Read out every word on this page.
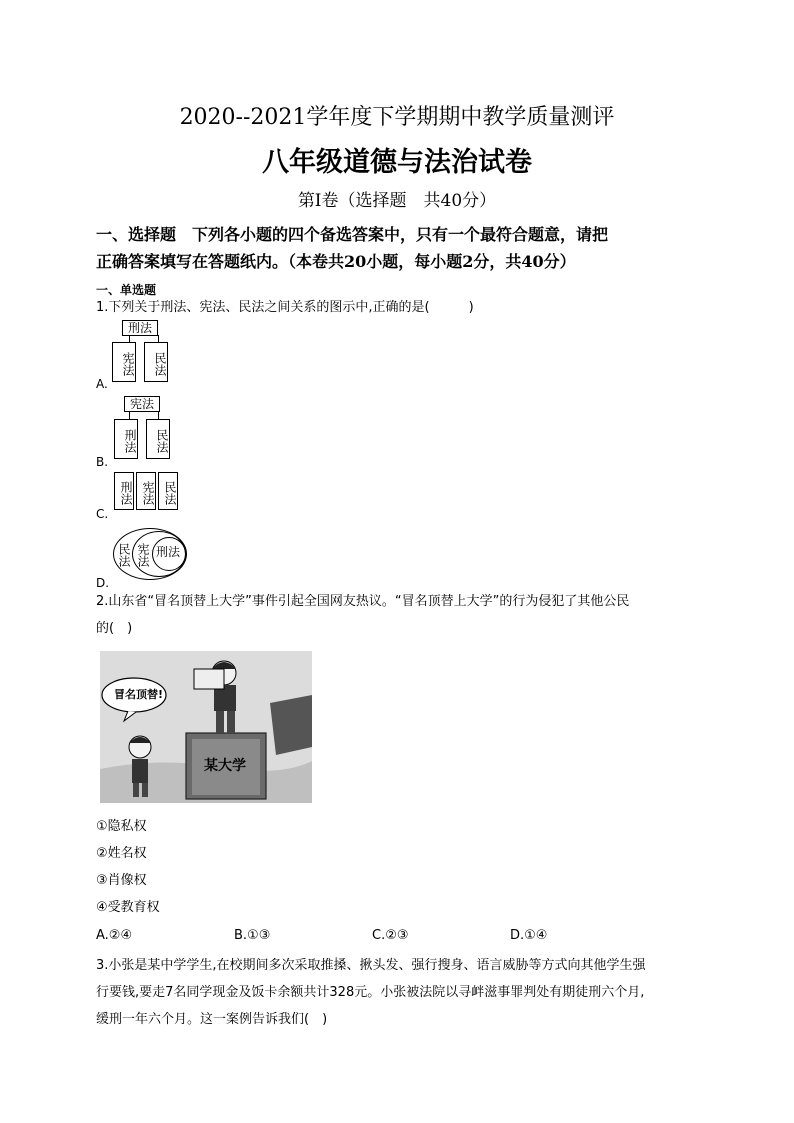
2020--2021学年度下学期期中教学质量测评
八年级道德与法治试卷
第Ⅰ卷（选择题　共40分）
一、选择题　下列各小题的四个备选答案中，只有一个最符合题意，请把
正确答案填写在答题纸内。（本卷共20小题，每小题2分，共40分）
一、单选题
1.下列关于刑法、宪法、民法之间关系的图示中,正确的是(　　　)
刑法
宪法	民法
A.
宪法
刑法	民法
B.
刑法 宪法 民法
C.
民法 宪法 刑法
D.
2.山东省“冒名顶替上大学”事件引起全国网友热议。“冒名顶替上大学”的行为侵犯了其他公民
的(　)
冒名顶替!
某大学
①隐私权
②姓名权
③肖像权
④受教育权
A.②④	B.①③	C.②③	D.①④
3.小张是某中学学生,在校期间多次采取推搡、揪头发、强行搜身、语言威胁等方式向其他学生强
行要钱,要走7名同学现金及饭卡余额共计328元。小张被法院以寻衅滋事罪判处有期徒刑六个月,
缓刑一年六个月。这一案例告诉我们(　)
